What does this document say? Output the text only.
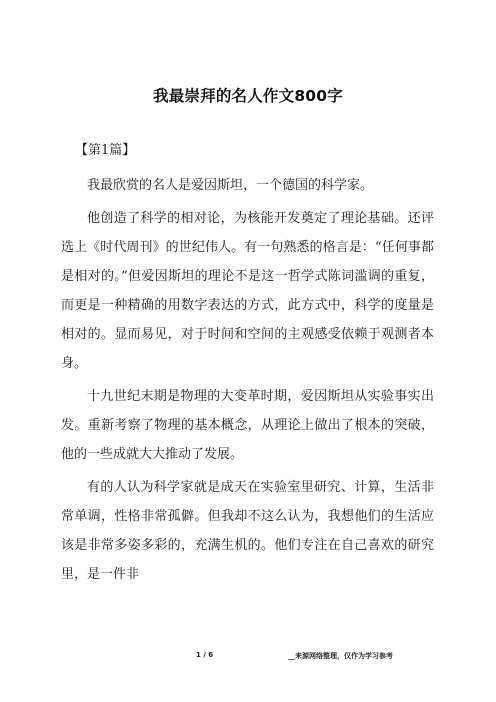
我最崇拜的名人作文800字

【第1篇】

我最欣赏的名人是爱因斯坦，一个德国的科学家。

他创造了科学的相对论，为核能开发奠定了理论基础。还评选上《时代周刊》的世纪伟人。有一句熟悉的格言是：“任何事都是相对的。”但爱因斯坦的理论不是这一哲学式陈词滥调的重复，而更是一种精确的用数字表达的方式，此方式中，科学的度量是相对的。显而易见，对于时间和空间的主观感受依赖于观测者本身。

十九世纪末期是物理的大变革时期，爱因斯坦从实验事实出发。重新考察了物理的基本概念，从理论上做出了根本的突破，他的一些成就大大推动了发展。

有的人认为科学家就是成天在实验室里研究、计算，生活非常单调，性格非常孤僻。但我却不这么认为，我想他们的生活应该是非常多姿多彩的，充满生机的。他们专注在自己喜欢的研究里，是一件非

1 / 6	__来源网络整理，仅作为学习参考
